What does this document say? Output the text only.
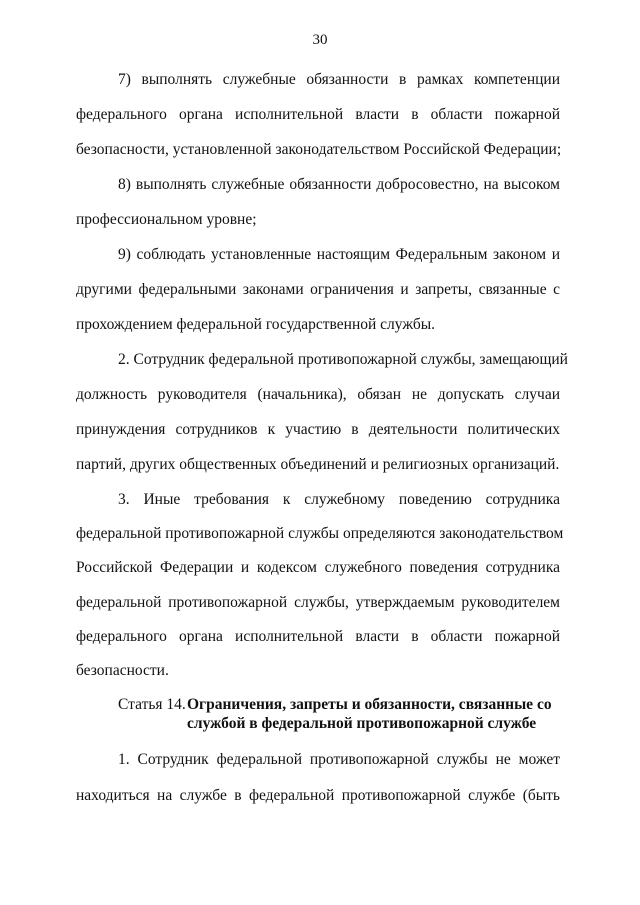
30
7) выполнять служебные обязанности в рамках компетенции
федерального органа исполнительной власти в области пожарной
безопасности, установленной законодательством Российской Федерации;
8) выполнять служебные обязанности добросовестно, на высоком
профессиональном уровне;
9) соблюдать установленные настоящим Федеральным законом и
другими федеральными законами ограничения и запреты, связанные с
прохождением федеральной государственной службы.
2. Сотрудник федеральной противопожарной службы, замещающий
должность руководителя (начальника), обязан не допускать случаи
принуждения сотрудников к участию в деятельности политических
партий, других общественных объединений и религиозных организаций.
3. Иные требования к служебному поведению сотрудника
федеральной противопожарной службы определяются законодательством
Российской Федерации и кодексом служебного поведения сотрудника
федеральной противопожарной службы, утверждаемым руководителем
федерального органа исполнительной власти в области пожарной
безопасности.
Статья 14. Ограничения, запреты и обязанности, связанные со
службой в федеральной противопожарной службе
1. Сотрудник федеральной противопожарной службы не может
находиться на службе в федеральной противопожарной службе (быть
